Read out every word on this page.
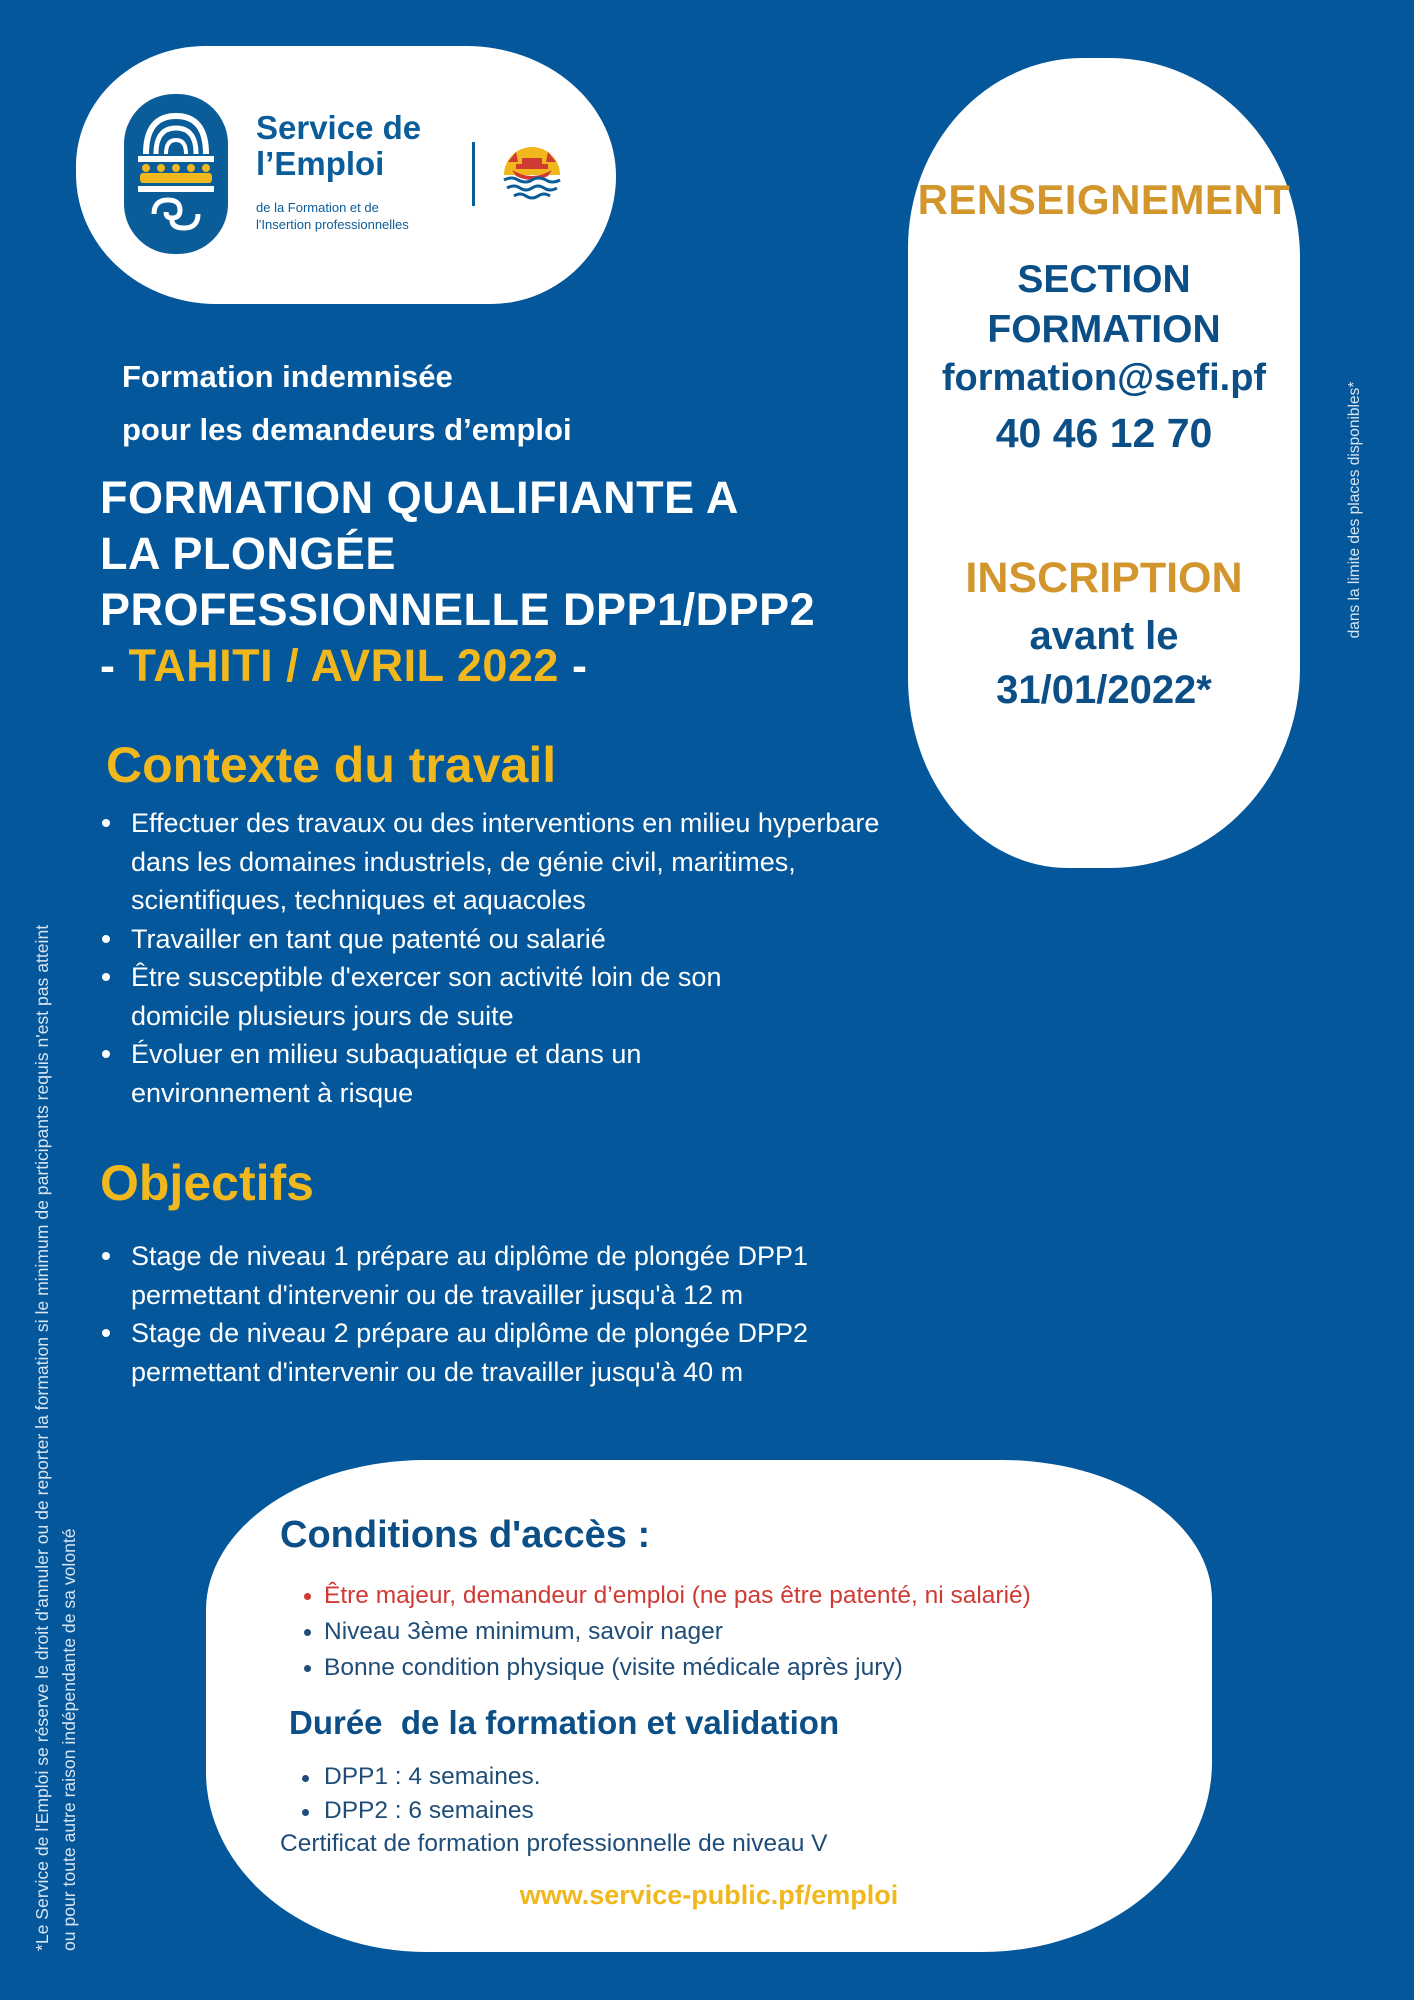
Service de
l’Emploi
de la Formation et de
l'Insertion professionnelles
RENSEIGNEMENT
SECTION
FORMATION
formation@sefi.pf
40 46 12 70
INSCRIPTION
avant le
31/01/2022*
dans la limite des places disponibles*
*Le Service de l'Emploi se réserve le droit d'annuler ou de reporter la formation si le minimum de participants requis n'est pas atteint
ou pour toute autre raison indépendante de sa volonté
Formation indemnisée
pour les demandeurs d’emploi
FORMATION QUALIFIANTE A
LA PLONGÉE
PROFESSIONNELLE DPP1/DPP2
- TAHITI / AVRIL 2022 -
Contexte du travail
Effectuer des travaux ou des interventions en milieu hyperbare dans les domaines industriels, de génie civil, maritimes, scientifiques, techniques et aquacoles
Travailler en tant que patenté ou salarié
Être susceptible d'exercer son activité loin de son domicile plusieurs jours de suite
Évoluer en milieu subaquatique et dans un environnement à risque
Objectifs
Stage de niveau 1 prépare au diplôme de plongée DPP1 permettant d'intervenir ou de travailler jusqu'à 12 m
Stage de niveau 2 prépare au diplôme de plongée DPP2 permettant d'intervenir ou de travailler jusqu'à 40 m
Conditions d'accès :
Être majeur, demandeur d’emploi (ne pas être patenté, ni salarié)
Niveau 3ème minimum, savoir nager
Bonne condition physique (visite médicale après jury)
Durée  de la formation et validation
DPP1 : 4 semaines.
DPP2 : 6 semaines
Certificat de formation professionnelle de niveau V
www.service-public.pf/emploi
